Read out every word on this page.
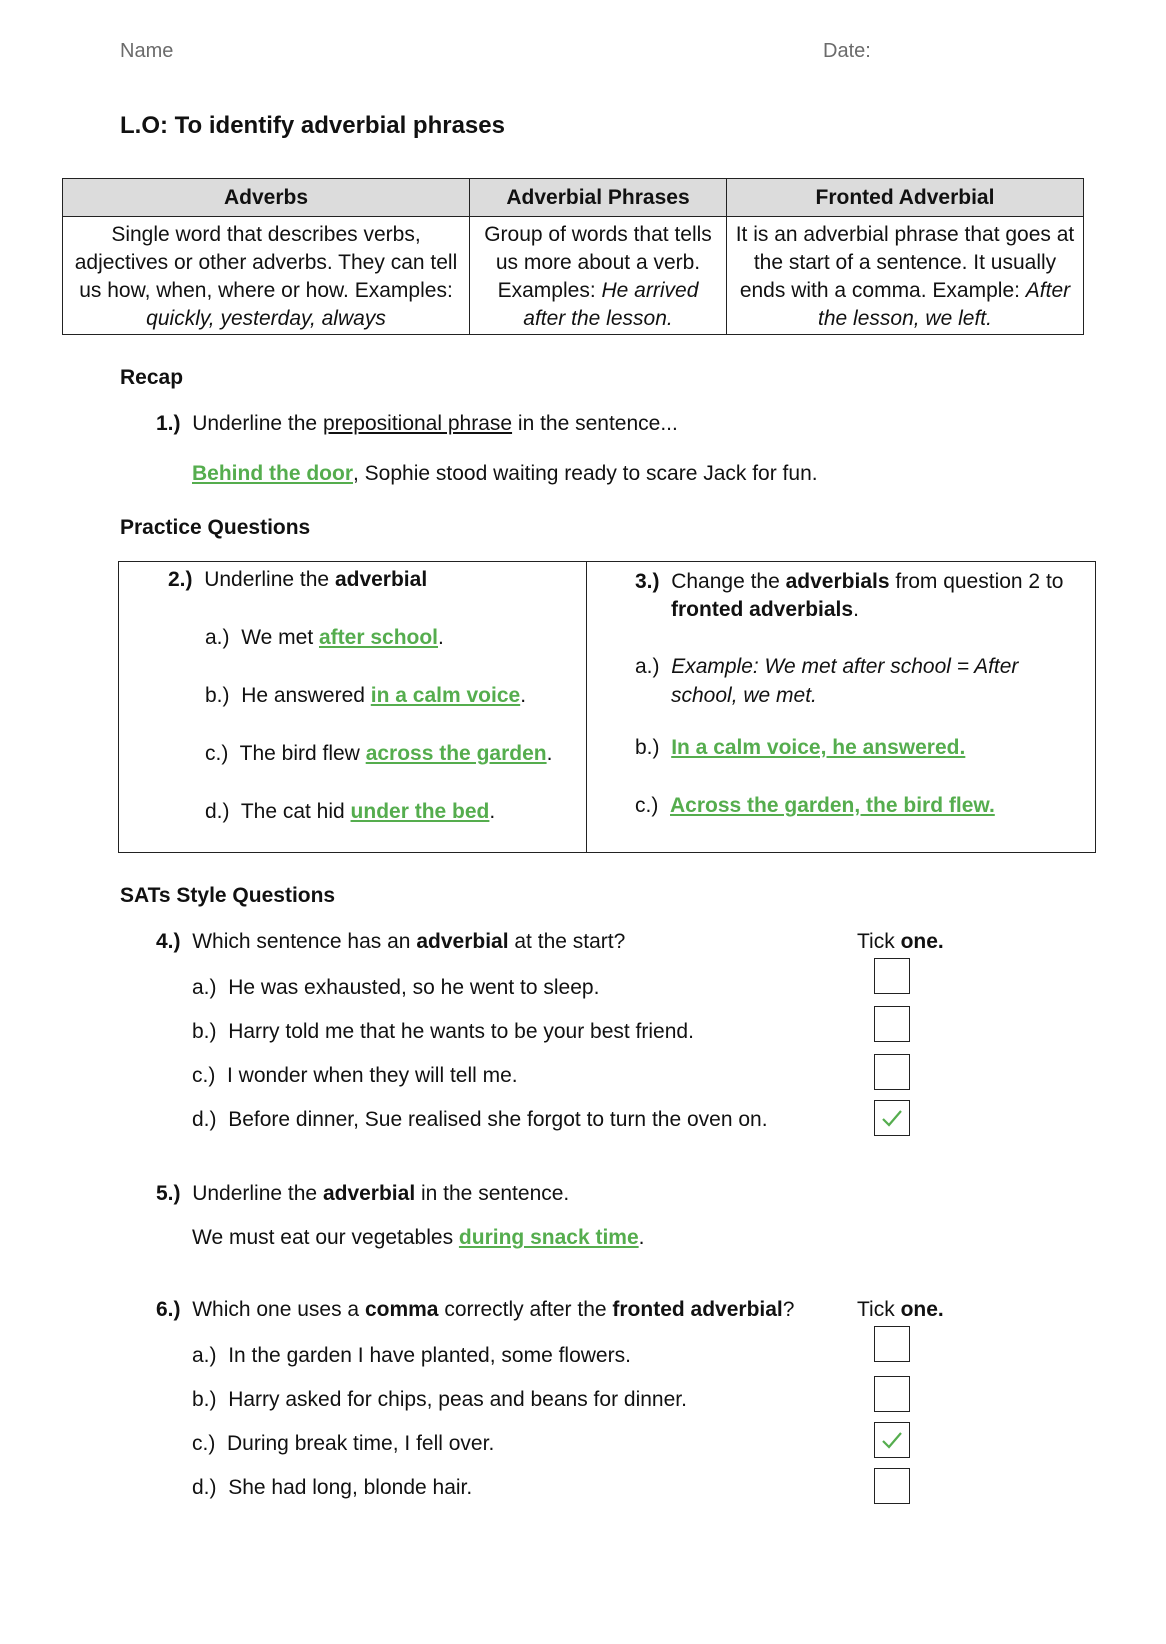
Name	Date:
L.O: To identify adverbial phrases
Adverbs	Adverbial Phrases	Fronted Adverbial
Single word that describes verbs, adjectives or other adverbs. They can tell us how, when, where or how. Examples: quickly, yesterday, always	Group of words that tells us more about a verb. Examples: He arrived after the lesson.	It is an adverbial phrase that goes at the start of a sentence. It usually ends with a comma. Example: After the lesson, we left.
Recap
1.) Underline the prepositional phrase in the sentence...
Behind the door, Sophie stood waiting ready to scare Jack for fun.
Practice Questions
2.) Underline the adverbial
a.) We met after school.
b.) He answered in a calm voice.
c.) The bird flew across the garden.
d.) The cat hid under the bed.
3.) Change the adverbials from question 2 to
fronted adverbials.
a.) Example: We met after school = After
school, we met.
b.) In a calm voice, he answered.
c.) Across the garden, the bird flew.
SATs Style Questions
4.) Which sentence has an adverbial at the start?	Tick one.
a.) He was exhausted, so he went to sleep.
b.) Harry told me that he wants to be your best friend.
c.) I wonder when they will tell me.
d.) Before dinner, Sue realised she forgot to turn the oven on.
5.) Underline the adverbial in the sentence.
We must eat our vegetables during snack time.
6.) Which one uses a comma correctly after the fronted adverbial?	Tick one.
a.) In the garden I have planted, some flowers.
b.) Harry asked for chips, peas and beans for dinner.
c.) During break time, I fell over.
d.) She had long, blonde hair.
